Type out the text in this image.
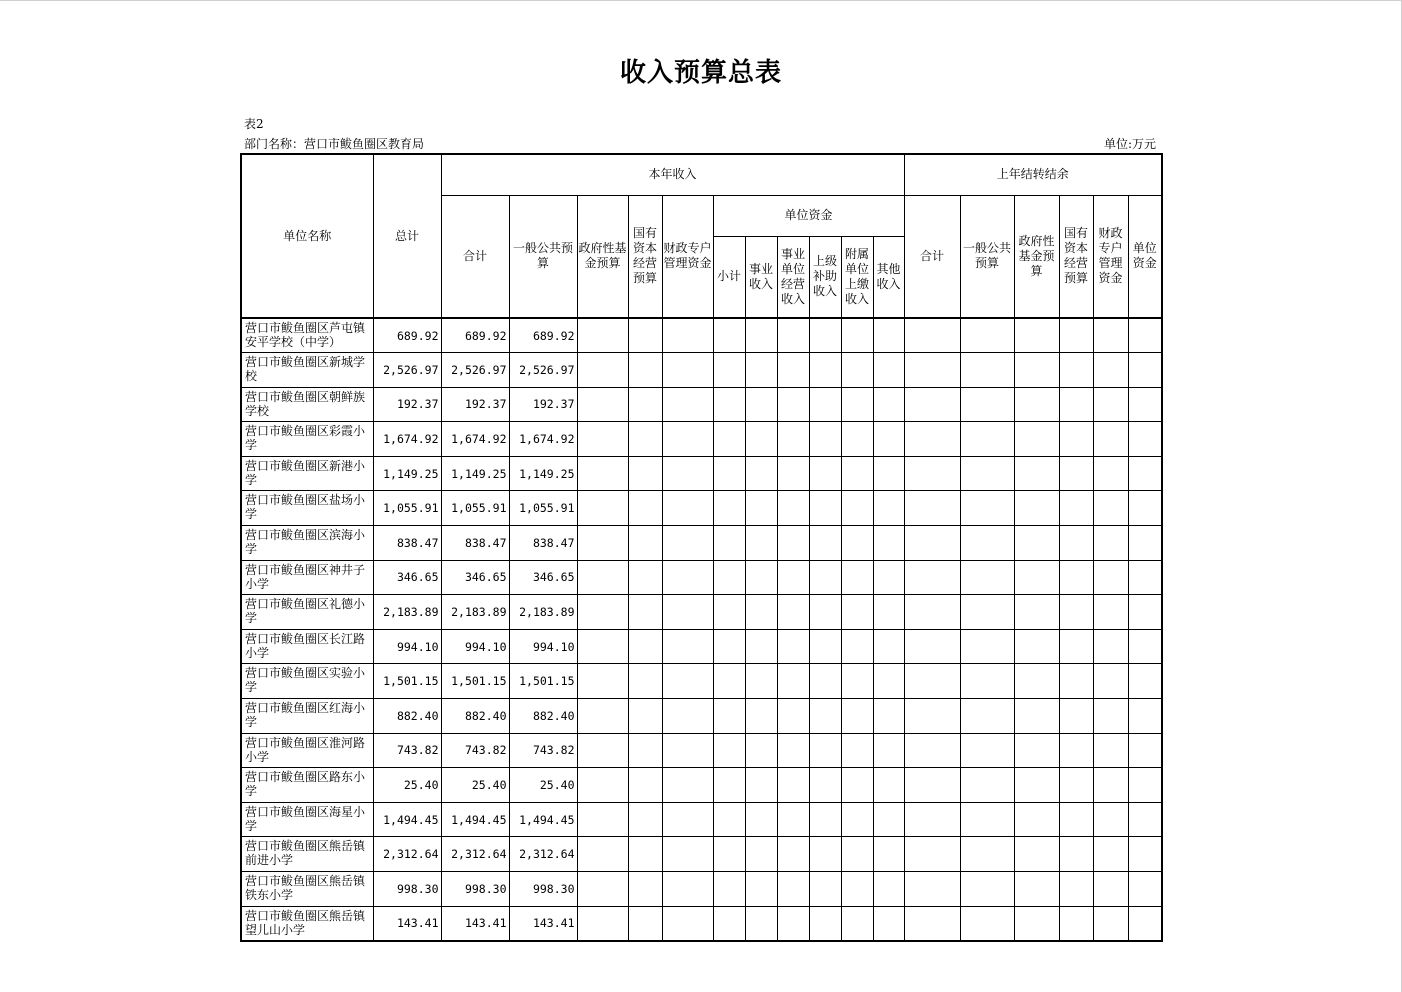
收入预算总表
表2
部门名称：营口市鲅鱼圈区教育局	单位:万元
单位名称	总计	本年收入											上年结转结余					
		合计	一般公共预算	政府性基金预算	国有资本经营预算	财政专户管理资金	单位资金						合计	一般公共预算	政府性基金预算	国有资本经营预算	财政专户管理资金	单位资金
							小计	事业收入	事业单位经营收入	上级补助收入	附属单位上缴收入	其他收入						
营口市鲅鱼圈区芦屯镇安平学校（中学）	689.92	689.92	689.92															
营口市鲅鱼圈区新城学校	2,526.97	2,526.97	2,526.97															
营口市鲅鱼圈区朝鲜族学校	192.37	192.37	192.37															
营口市鲅鱼圈区彩霞小学	1,674.92	1,674.92	1,674.92															
营口市鲅鱼圈区新港小学	1,149.25	1,149.25	1,149.25															
营口市鲅鱼圈区盐场小学	1,055.91	1,055.91	1,055.91															
营口市鲅鱼圈区滨海小学	838.47	838.47	838.47															
营口市鲅鱼圈区神井子小学	346.65	346.65	346.65															
营口市鲅鱼圈区礼德小学	2,183.89	2,183.89	2,183.89															
营口市鲅鱼圈区长江路小学	994.10	994.10	994.10															
营口市鲅鱼圈区实验小学	1,501.15	1,501.15	1,501.15															
营口市鲅鱼圈区红海小学	882.40	882.40	882.40															
营口市鲅鱼圈区淮河路小学	743.82	743.82	743.82															
营口市鲅鱼圈区路东小学	25.40	25.40	25.40															
营口市鲅鱼圈区海星小学	1,494.45	1,494.45	1,494.45															
营口市鲅鱼圈区熊岳镇前进小学	2,312.64	2,312.64	2,312.64															
营口市鲅鱼圈区熊岳镇铁东小学	998.30	998.30	998.30															
营口市鲅鱼圈区熊岳镇望儿山小学	143.41	143.41	143.41															
